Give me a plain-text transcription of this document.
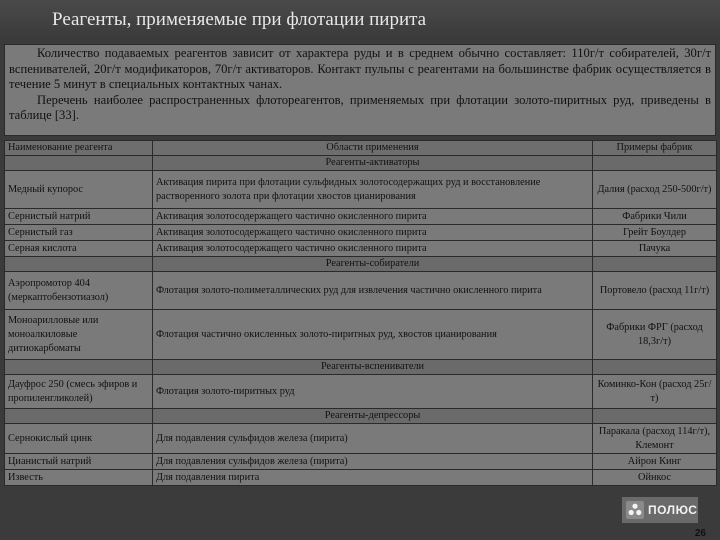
Реагенты, применяемые при флотации пирита

Количество подаваемых реагентов зависит от характера руды и в среднем обычно составляет: 110г/т собирателей, 30г/т вспенивателей, 20г/т модификаторов, 70г/т активаторов. Контакт пульпы с реагентами на большинстве фабрик осуществляется в течение 5 минут в специальных контактных чанах.

Перечень наиболее распространенных флотореагентов, применяемых при флотации золото-пиритных руд, приведены в таблице [33].

Наименование реагента	Области применения	Примеры фабрик
	Реагенты-активаторы	
Медный купорос	Активация пирита при флотации сульфидных золотосодержащих руд и восстановление растворенного золота при флотации хвостов цианирования	Далия (расход 250-500г/т)
Сернистый натрий	Активация золотосодержащего частично окисленного пирита	Фабрики Чили
Сернистый газ	Активация золотосодержащего частично окисленного пирита	Грейт Боулдер
Серная кислота	Активация золотосодержащего частично окисленного пирита	Пачука
	Реагенты-собиратели	
Аэропромотор 404 (меркаптобензотиазол)	Флотация золото-полиметаллических руд для извлечения частично окисленного пирита	Портовело (расход 11г/т)
Моноарилловые или моноалкиловые дитиокарбоматы	Флотация частично окисленных золото-пиритных руд, хвостов цианирования	Фабрики ФРГ (расход 18,3г/т)
	Реагенты-вспениватели	
Дауфрос 250 (смесь эфиров и пропиленгликолей)	Флотация золото-пиритных руд	Коминко-Кон (расход 25г/т)
	Реагенты-депрессоры	
Сернокислый цинк	Для подавления сульфидов железа (пирита)	Паракала (расход 114г/т), Клемонт
Цианистый натрий	Для подавления сульфидов железа (пирита)	Айрон Кинг
Известь	Для подавления пирита	Ойнкос
ПОЛЮС
26
